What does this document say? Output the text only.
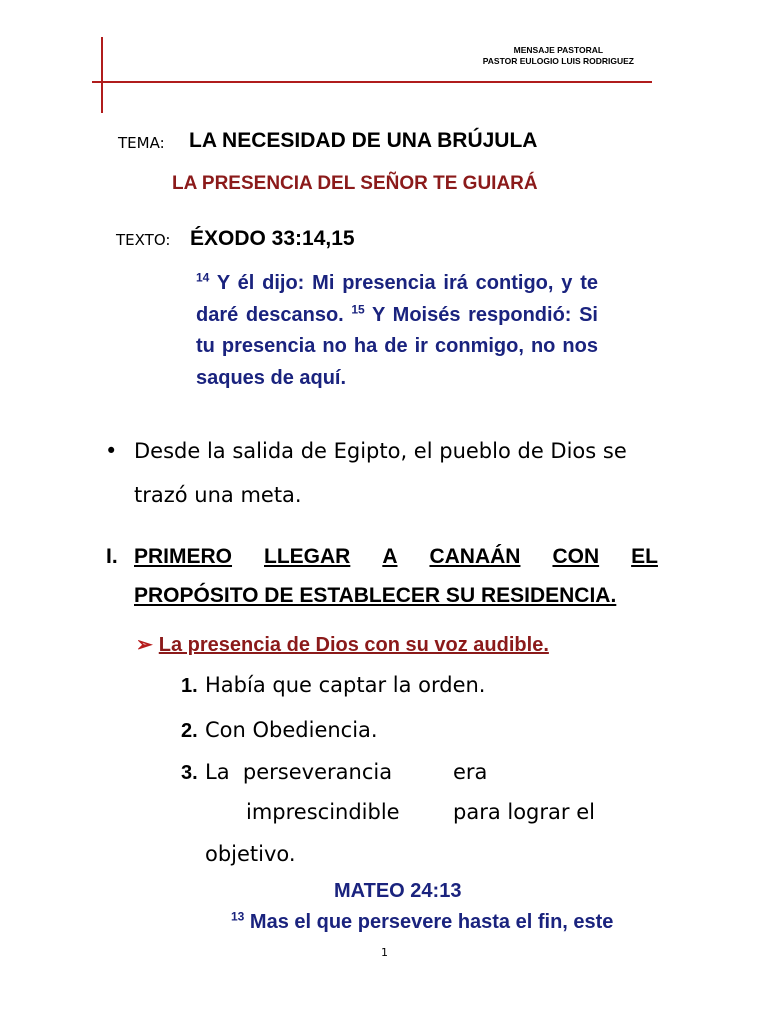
MENSAJE PASTORAL
PASTOR EULOGIO LUIS RODRIGUEZ
TEMA: LA NECESIDAD DE UNA BRÚJULA
LA PRESENCIA DEL SEÑOR TE GUIARÁ
TEXTO: ÉXODO 33:14,15
$^{14}$ Y él dijo: Mi presencia irá contigo, y te daré descanso. $^{15}$ Y Moisés respondió: Si tu presencia no ha de ir conmigo, no nos saques de aquí.
• Desde la salida de Egipto, el pueblo de Dios se trazó una meta.
I. PRIMERO LLEGAR A CANAÁN CON EL
PROPÓSITO DE ESTABLECER SU RESIDENCIA.
➢ La presencia de Dios con su voz audible.
1. Había que captar la orden.
2. Con Obediencia.
3. La  perseverancia	era
imprescindible	para lograr el
objetivo.
MATEO 24:13
$^{13}$ Mas el que persevere hasta el fin, este
1
